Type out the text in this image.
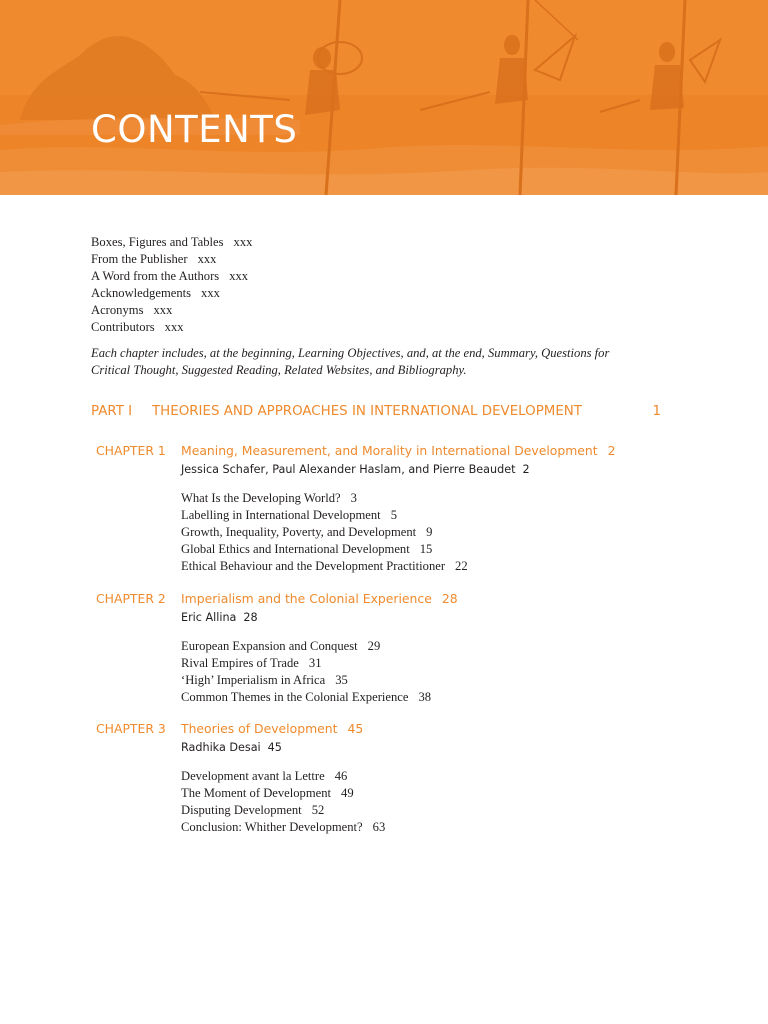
CONTENTS
Boxes, Figures and Tables xxx
From the Publisher xxx
A Word from the Authors xxx
Acknowledgements xxx
Acronyms xxx
Contributors xxx
Each chapter includes, at the beginning, Learning Objectives, and, at the end, Summary, Questions for Critical Thought, Suggested Reading, Related Websites, and Bibliography.
PART I THEORIES AND APPROACHES IN INTERNATIONAL DEVELOPMENT	1
CHAPTER 1 Meaning, Measurement, and Morality in International Development 2
Jessica Schafer, Paul Alexander Haslam, and Pierre Beaudet 2
What Is the Developing World? 3
Labelling in International Development 5
Growth, Inequality, Poverty, and Development 9
Global Ethics and International Development 15
Ethical Behaviour and the Development Practitioner 22
CHAPTER 2 Imperialism and the Colonial Experience 28
Eric Allina 28
European Expansion and Conquest 29
Rival Empires of Trade 31
‘High’ Imperialism in Africa 35
Common Themes in the Colonial Experience 38
CHAPTER 3 Theories of Development 45
Radhika Desai 45
Development avant la Lettre 46
The Moment of Development 49
Disputing Development 52
Conclusion: Whither Development? 63
